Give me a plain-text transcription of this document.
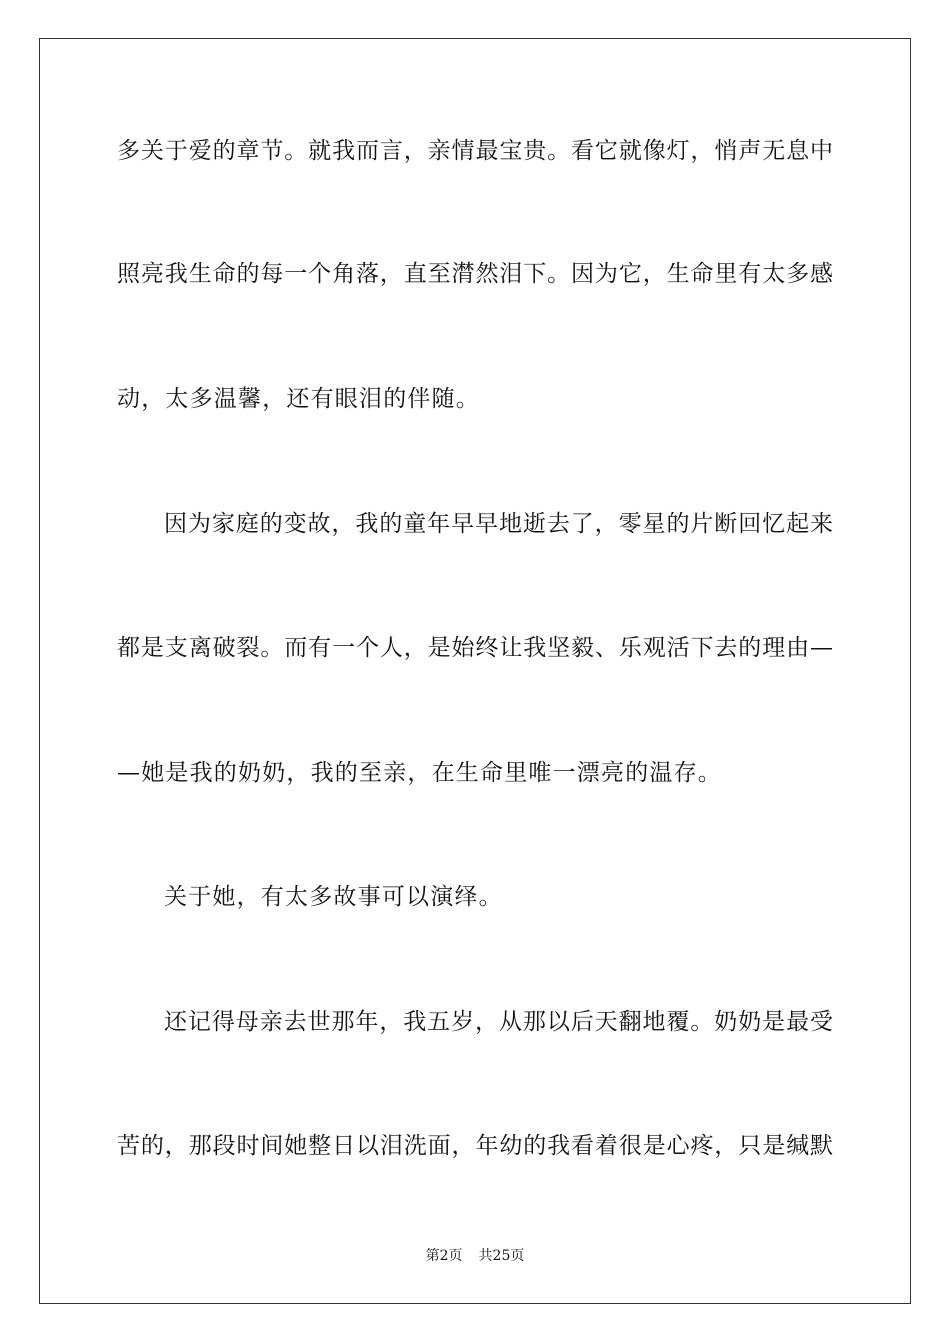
多关于爱的章节。就我而言，亲情最宝贵。看它就像灯，悄声无息中
照亮我生命的每一个角落，直至潸然泪下。因为它，生命里有太多感
动，太多温馨，还有眼泪的伴随。
因为家庭的变故，我的童年早早地逝去了，零星的片断回忆起来
都是支离破裂。而有一个人，是始终让我坚毅、乐观活下去的理由—
—她是我的奶奶，我的至亲，在生命里唯一漂亮的温存。
关于她，有太多故事可以演绎。
还记得母亲去世那年，我五岁，从那以后天翻地覆。奶奶是最受
苦的，那段时间她整日以泪洗面，年幼的我看着很是心疼，只是缄默
第2页 共25页
